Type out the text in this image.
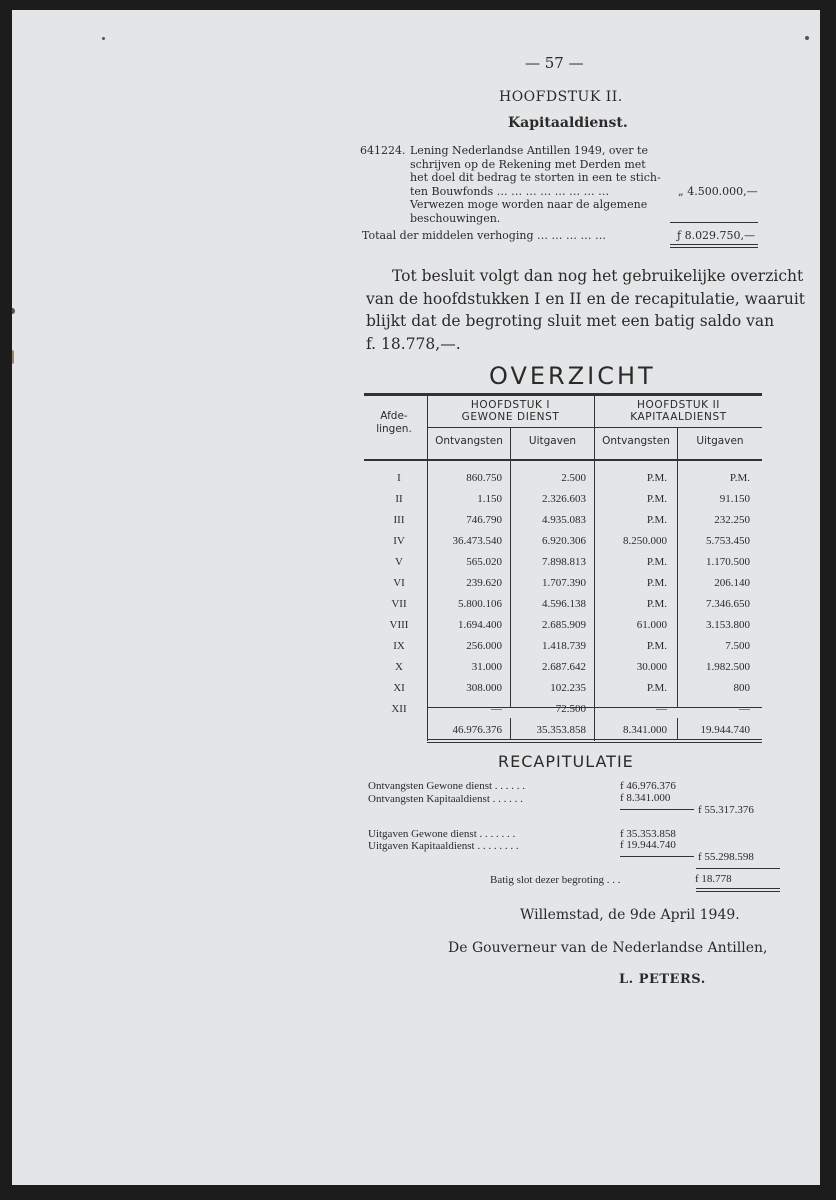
— 57 —
HOOFDSTUK II.
Kapitaaldienst.
641224. Lening Nederlandse Antillen 1949, over te
schrijven op de Rekening met Derden met
het doel dit bedrag te storten in een te stich-
ten Bouwfonds … … … … … … … …
Verwezen moge worden naar de algemene
beschouwingen.
„ 4.500.000,—
Totaal der middelen verhoging … … … … …	ƒ 8.029.750,—
Tot besluit volgt dan nog het gebruikelijke overzicht
van de hoofdstukken I en II en de recapitulatie, waaruit
blijkt dat de begroting sluit met een batig saldo van
f. 18.778,—.
OVERZICHT
Afde-
lingen.
HOOFDSTUK I
GEWONE DIENST
HOOFDSTUK II
KAPITAALDIENST
Ontvangsten	Uitgaven	Ontvangsten	Uitgaven
I	860.750	2.500	P.M.	P.M.
II	1.150	2.326.603	P.M.	91.150
III	746.790	4.935.083	P.M.	232.250
IV	36.473.540	6.920.306	8.250.000	5.753.450
V	565.020	7.898.813	P.M.	1.170.500
VI	239.620	1.707.390	P.M.	206.140
VII	5.800.106	4.596.138	P.M.	7.346.650
VIII	1.694.400	2.685.909	61.000	3.153.800
IX	256.000	1.418.739	P.M.	7.500
X	31.000	2.687.642	30.000	1.982.500
XI	308.000	102.235	P.M.	800
XII	—	72.500	—	—
46.976.376	35.353.858	8.341.000	19.944.740
RECAPITULATIE
Ontvangsten Gewone dienst . . . . . .	f 46.976.376
Ontvangsten Kapitaaldienst . . . . . .	f 8.341.000
f 55.317.376
Uitgaven Gewone dienst . . . . . . .	f 35.353.858
Uitgaven Kapitaaldienst . . . . . . . .	f 19.944.740
f 55.298.598
Batig slot dezer begroting . . .	f 18.778
Willemstad, de 9de April 1949.
De Gouverneur van de Nederlandse Antillen,
L. PETERS.
